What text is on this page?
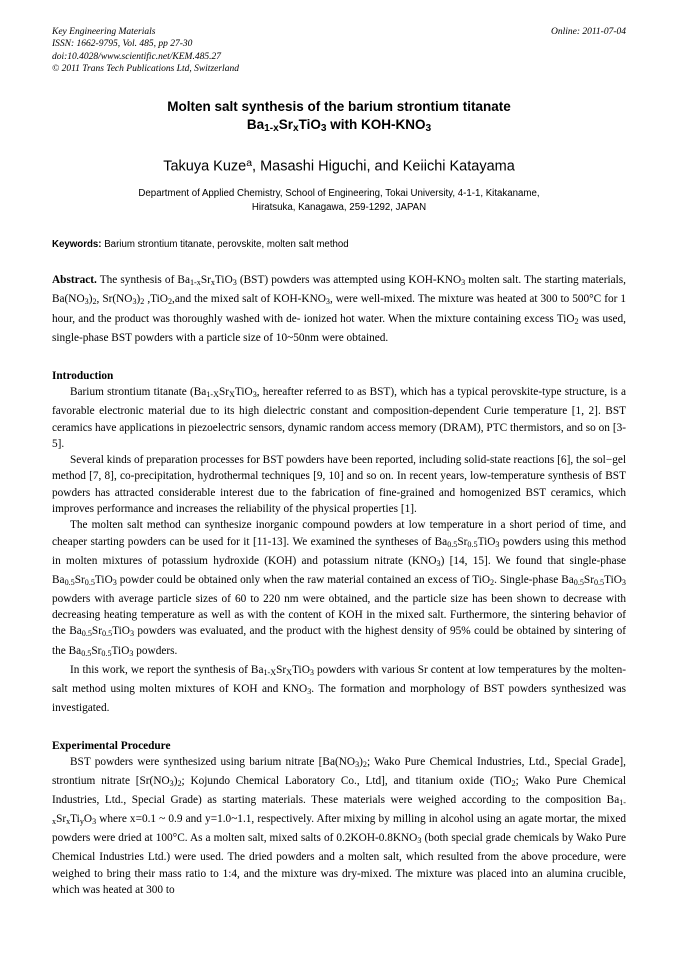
Key Engineering Materials
ISSN: 1662-9795, Vol. 485, pp 27-30
doi:10.4028/www.scientific.net/KEM.485.27
© 2011 Trans Tech Publications Ltd, Switzerland
Online: 2011-07-04
Molten salt synthesis of the barium strontium titanate
$Ba_{1-x}Sr_xTiO_3$ with KOH-$KNO_3$
Takuya Kuze$^a$, Masashi Higuchi, and Keiichi Katayama
Department of Applied Chemistry, School of Engineering, Tokai University, 4-1-1, Kitakaname,
Hiratsuka, Kanagawa, 259-1292, JAPAN
Keywords: Barium strontium titanate, perovskite, molten salt method
Abstract. The synthesis of $Ba_{1-x}Sr_xTiO_3$ (BST) powders was attempted using KOH-$KNO_3$ molten salt. The starting materials, $Ba(NO_3)_2$, $Sr(NO_3)_2$ ,TiO$_2$,and the mixed salt of KOH-$KNO_3$, were well-mixed. The mixture was heated at 300 to 500°C for 1 hour, and the product was thoroughly washed with de- ionized hot water. When the mixture containing excess TiO$_2$ was used, single-phase BST powders with a particle size of 10~50nm were obtained.
Introduction

Barium strontium titanate ($Ba_{1-X}Sr_XTiO_3$, hereafter referred to as BST), which has a typical perovskite-type structure, is a favorable electronic material due to its high dielectric constant and composition-dependent Curie temperature [1, 2]. BST ceramics have applications in piezoelectric sensors, dynamic random access memory (DRAM), PTC thermistors, and so on [3-5].

Several kinds of preparation processes for BST powders have been reported, including solid-state reactions [6], the sol−gel method [7, 8], co-precipitation, hydrothermal techniques [9, 10] and so on. In recent years, low-temperature synthesis of BST powders has attracted considerable interest due to the fabrication of fine-grained and homogenized BST ceramics, which improves performance and increases the reliability of the physical properties [1].

The molten salt method can synthesize inorganic compound powders at low temperature in a short period of time, and cheaper starting powders can be used for it [11-13]. We examined the syntheses of $Ba_{0.5}Sr_{0.5}TiO_3$ powders using this method in molten mixtures of potassium hydroxide (KOH) and potassium nitrate $(KNO_3)$ [14, 15]. We found that single-phase $Ba_{0.5}Sr_{0.5}TiO_3$ powder could be obtained only when the raw material contained an excess of TiO$_2$. Single-phase $Ba_{0.5}Sr_{0.5}TiO_3$ powders with average particle sizes of 60 to 220 nm were obtained, and the particle size has been shown to decrease with decreasing heating temperature as well as with the content of KOH in the mixed salt. Furthermore, the sintering behavior of the $Ba_{0.5}Sr_{0.5}TiO_3$ powders was evaluated, and the product with the highest density of 95% could be obtained by sintering of the $Ba_{0.5}Sr_{0.5}TiO_3$ powders.

In this work, we report the synthesis of $Ba_{1-X}Sr_XTiO_3$ powders with various Sr content at low temperatures by the molten-salt method using molten mixtures of KOH and $KNO_3$. The formation and morphology of BST powders synthesized was investigated.

Experimental Procedure

BST powders were synthesized using barium nitrate [$Ba(NO_3)_2$; Wako Pure Chemical Industries, Ltd., Special Grade], strontium nitrate [$Sr(NO_3)_2$; Kojundo Chemical Laboratory Co., Ltd], and titanium oxide (TiO$_2$; Wako Pure Chemical Industries, Ltd., Special Grade) as starting materials. These materials were weighed according to the composition $Ba_{1-x}Sr_xTi_yO_3$ where x=0.1 ~ 0.9 and y=1.0~1.1, respectively. After mixing by milling in alcohol using an agate mortar, the mixed powders were dried at 100°C. As a molten salt, mixed salts of $0.2KOH-0.8KNO_3$ (both special grade chemicals by Wako Pure Chemical Industries Ltd.) were used. The dried powders and a molten salt, which resulted from the above procedure, were weighed to bring their mass ratio to 1:4, and the mixture was dry-mixed. The mixture was placed into an alumina crucible, which was heated at 300 to
